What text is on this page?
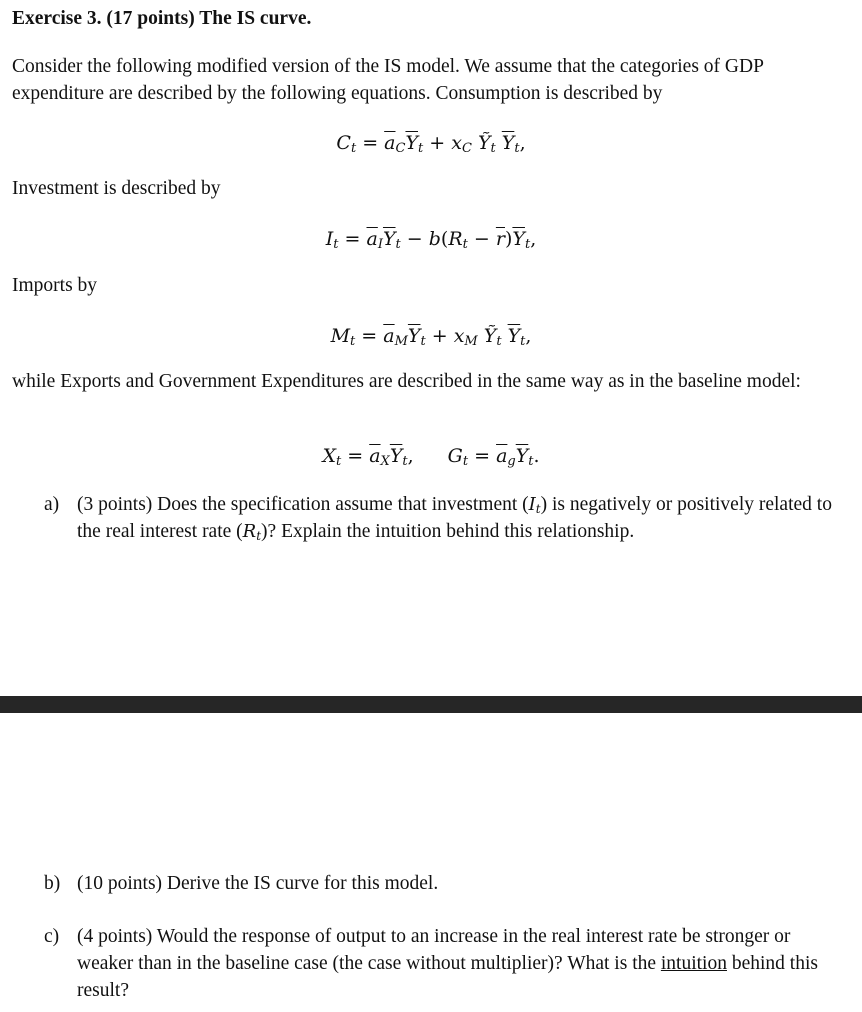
Exercise 3. (17 points) The IS curve.
Consider the following modified version of the IS model. We assume that the categories of GDP expenditure are described by the following equations. Consumption is described by
$C_t = \overline{a}_C\overline{Y}_t + x_C$ Ỹ$_t$ $\overline{Y}_t$,
Investment is described by
$I_t = \overline{a}_I\overline{Y}_t - b(R_t - \overline{r})\overline{Y}_t$,
Imports by
$M_t = \overline{a}_M\overline{Y}_t + x_M$ Ỹ$_t$ $\overline{Y}_t$,
while Exports and Government Expenditures are described in the same way as in the baseline model:
$X_t = \overline{a}_X\overline{Y}_t$, $G_t = \overline{a}_g\overline{Y}_t$.
a) (3 points) Does the specification assume that investment $(I_t)$ is negatively or positively related to the real interest rate $(R_t)$? Explain the intuition behind this relationship.
b) (10 points) Derive the IS curve for this model.
c) (4 points) Would the response of output to an increase in the real interest rate be stronger or weaker than in the baseline case (the case without multiplier)? What is the intuition behind this result?
